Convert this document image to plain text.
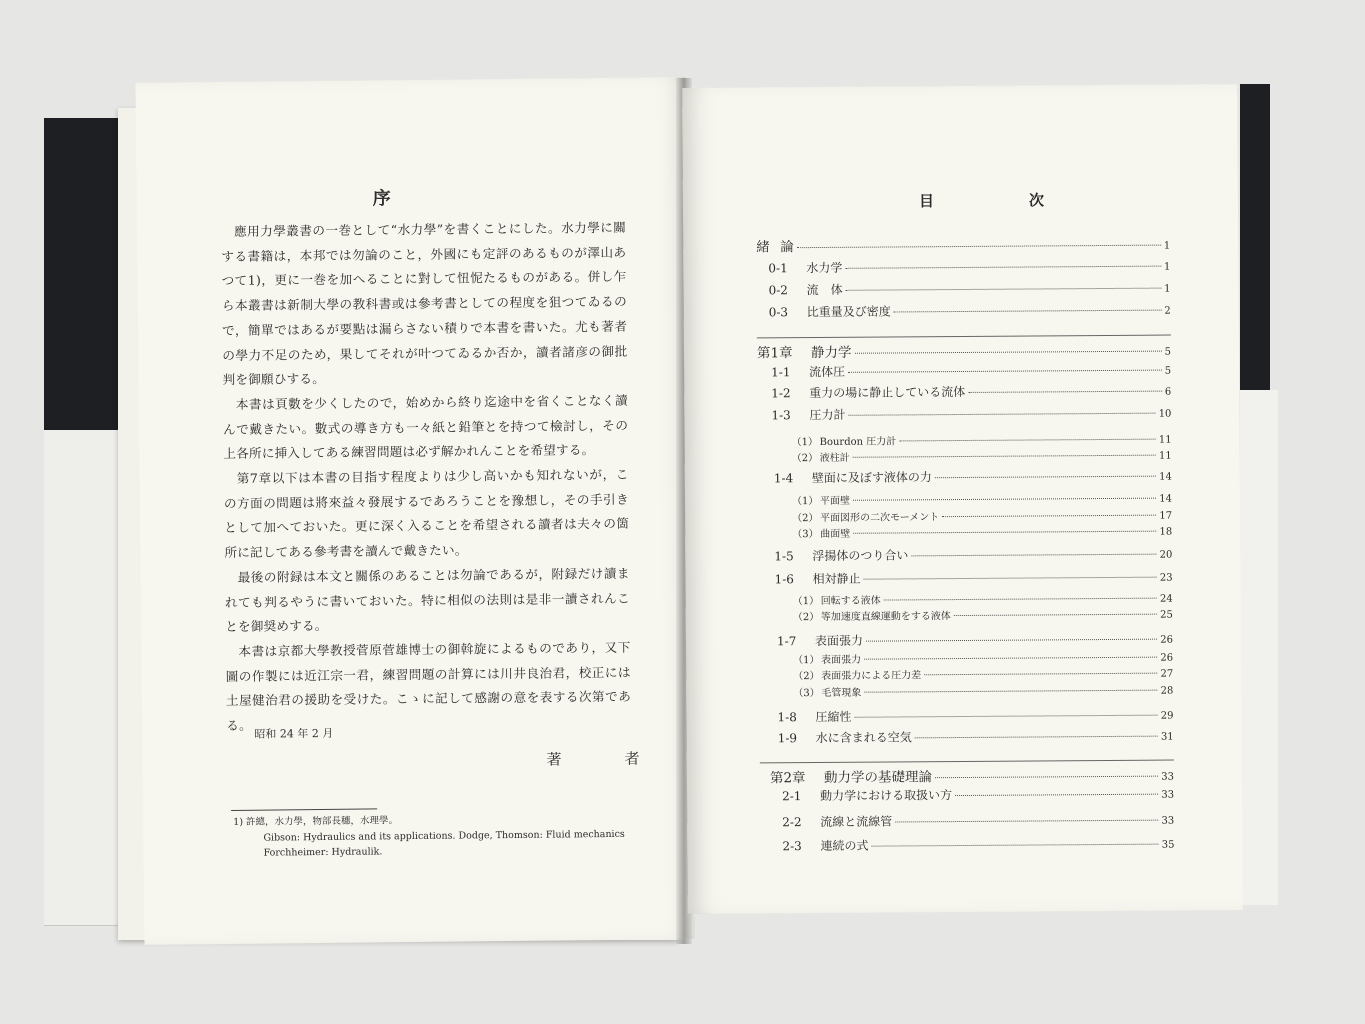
序

應用力學叢書の一巻として“水力學”を書くことにした。水力學に關する書籍は，本邦では勿論のこと，外國にも定評のあるものが澤山あつて1)，更に一巻を加へることに對して忸怩たるものがある。併し乍ら本叢書は新制大學の教科書或は參考書としての程度を狙つてゐるので，簡單ではあるが要點は漏らさない積りで本書を書いた。尤も著者の學力不足のため，果してそれが叶つてゐるか否か，讀者諸彦の御批判を御願ひする。

本書は頁數を少くしたので，始めから終り迄途中を省くことなく讀んで戴きたい。數式の導き方も一々紙と鉛筆とを持つて檢討し，その上各所に挿入してある練習問題は必ず解かれんことを希望する。

第7章以下は本書の目指す程度よりは少し高いかも知れないが，この方面の問題は將來益々發展するであろうことを豫想し，その手引きとして加へておいた。更に深く入ることを希望される讀者は夫々の箇所に記してある參考書を讀んで戴きたい。

最後の附録は本文と關係のあることは勿論であるが，附録だけ讀まれても判るやうに書いておいた。特に相似の法則は是非一讀されんことを御奨めする。

本書は京都大學教授菅原菅雄博士の御斡旋によるものであり，又下圖の作製には近江宗一君，練習問題の計算には川井良治君，校正には土屋健治君の援助を受けた。こゝに記して感謝の意を表する次第である。

昭和 24 年 2 月
著　者
1) 許總，水力學，物部長穗，水理學。
Gibson: Hydraulics and its applications. Dodge, Thomson: Fluid mechanics
Forchheimer: Hydraulik.
目　次
緒 論	1
0-1 水力学	1
0-2 流　体	1
0-3 比重量及び密度	2
第1章 静力学	5
1-1 流体圧	5
1-2 重力の場に静止している流体	6
1-3 圧力計	10
（1） Bourdon 圧力計	11
（2） 液柱計	11
1-4 壁面に及ぼす液体の力	14
（1） 平面壁	14
（2） 平面図形の二次モーメント	17
（3） 曲面壁	18
1-5 浮揚体のつり合い	20
1-6 相対静止	23
（1） 回転する液体	24
（2） 等加速度直線運動をする液体	25
1-7 表面張力	26
（1） 表面張力	26
（2） 表面張力による圧力差	27
（3） 毛管現象	28
1-8 圧縮性	29
1-9 水に含まれる空気	31
第2章 動力学の基礎理論	33
2-1 動力学における取扱い方	33
2-2 流線と流線管	33
2-3 連続の式	35
